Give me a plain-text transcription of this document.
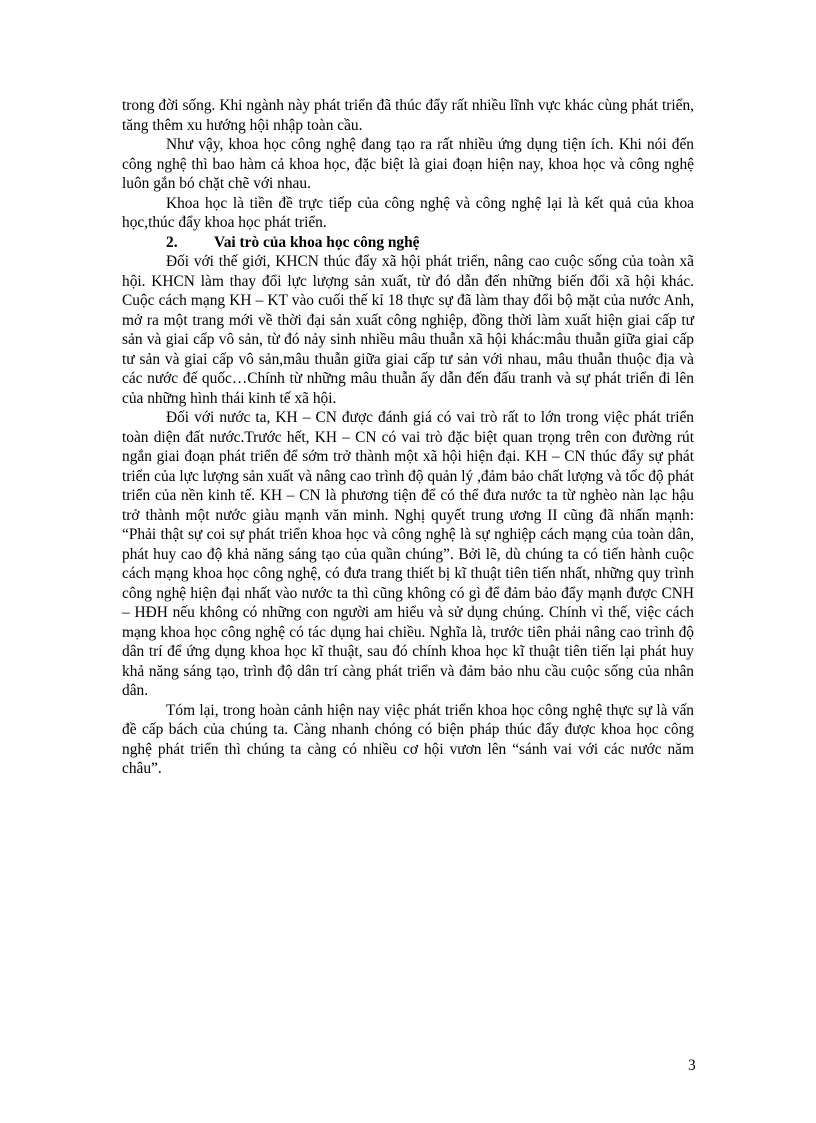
trong đời sống. Khi ngành này phát triển đã thúc đẩy rất nhiều lĩnh vực khác cùng phát triển, tăng thêm xu hướng hội nhập toàn cầu.

Như vậy, khoa học công nghệ đang tạo ra rất nhiều ứng dụng tiện ích. Khi nói đến công nghệ thì bao hàm cả khoa học, đặc biệt là giai đoạn hiện nay, khoa học và công nghệ luôn gắn bó chặt chẽ với nhau.

Khoa học là tiền đề trực tiếp của công nghệ và công nghệ lại là kết quả của khoa học,thúc đẩy khoa học phát triển.

2. Vai trò của khoa học công nghệ

Đối với thế giới, KHCN thúc đẩy xã hội phát triển, nâng cao cuộc sống của toàn xã hội. KHCN làm thay đổi lực lượng sản xuất, từ đó dẫn đến những biến đổi xã hội khác. Cuộc cách mạng KH – KT vào cuối thế kỉ 18 thực sự đã làm thay đổi bộ mặt của nước Anh, mở ra một trang mới về thời đại sản xuất công nghiệp, đồng thời làm xuất hiện giai cấp tư sản và giai cấp vô sản, từ đó nảy sinh nhiều mâu thuẫn xã hội khác:mâu thuẫn giữa giai cấp tư sản và giai cấp vô sản,mâu thuẫn giữa giai cấp tư sản với nhau, mâu thuẫn thuộc địa và các nước đế quốc…Chính từ những mâu thuẫn ấy dẫn đến đấu tranh và sự phát triển đi lên của những hình thái kinh tế xã hội.

Đối với nước ta, KH – CN được đánh giá có vai trò rất to lớn trong việc phát triển toàn diện đất nước.Trước hết, KH – CN có vai trò đặc biệt quan trọng trên con đường rút ngắn giai đoạn phát triển để sớm trở thành một xã hội hiện đại. KH – CN thúc đẩy sự phát triển của lực lượng sản xuất và nâng cao trình độ quản lý ,đảm bảo chất lượng và tốc độ phát triển của nền kinh tế. KH – CN là phương tiện để có thể đưa nước ta từ nghèo nàn lạc hậu trở thành một nước giàu mạnh văn minh. Nghị quyết trung ương II cũng đã nhấn mạnh: “Phải thật sự coi sự phát triển khoa học và công nghệ là sự nghiệp cách mạng của toàn dân, phát huy cao độ khả năng sáng tạo của quần chúng”. Bởi lẽ, dù chúng ta có tiến hành cuộc cách mạng khoa học công nghệ, có đưa trang thiết bị kĩ thuật tiên tiến nhất, những quy trình công nghệ hiện đại nhất vào nước ta thì cũng không có gì để đảm bảo đẩy mạnh được CNH – HĐH nếu không có những con người am hiểu và sử dụng chúng. Chính vì thế, việc cách mạng khoa học công nghệ có tác dụng hai chiều. Nghĩa là, trước tiên phải nâng cao trình độ dân trí để ứng dụng khoa học kĩ thuật, sau đó chính khoa học kĩ thuật tiên tiến lại phát huy khả năng sáng tạo, trình độ dân trí càng phát triển và đảm bảo nhu cầu cuộc sống của nhân dân.

Tóm lại, trong hoàn cảnh hiện nay việc phát triển khoa học công nghệ thực sự là vấn đề cấp bách của chúng ta. Càng nhanh chóng có biện pháp thúc đẩy được khoa học công nghệ phát triển thì chúng ta càng có nhiều cơ hội vươn lên “sánh vai với các nước năm châu”.

3
